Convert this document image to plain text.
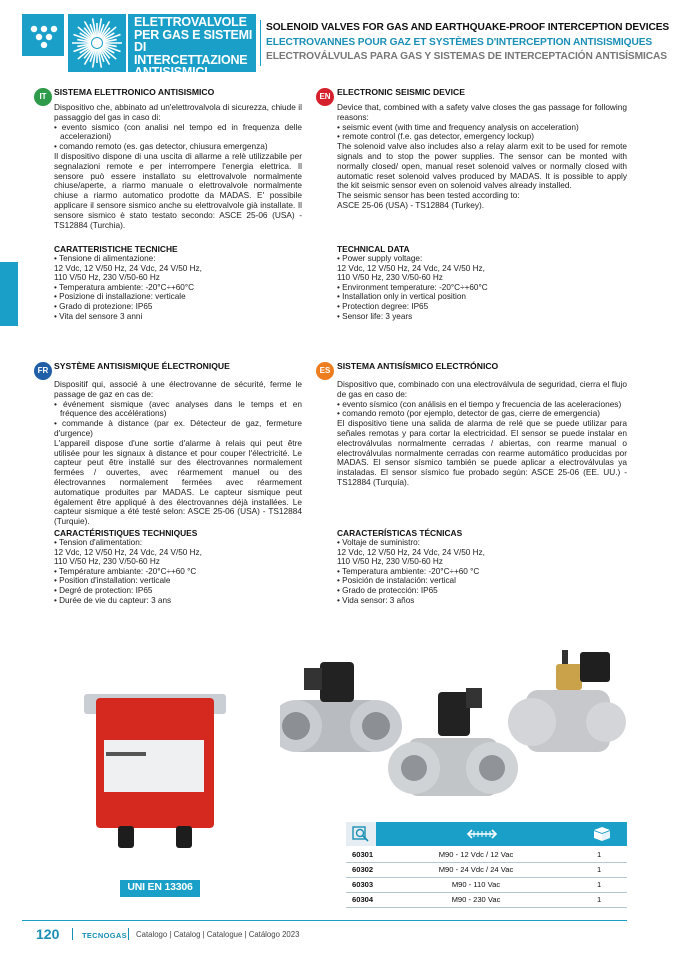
ELETTROVALVOLE PER GAS E SISTEMI DI INTERCETTAZIONE ANTISISMICI
SOLENOID VALVES FOR GAS AND EARTHQUAKE-PROOF INTERCEPTION DEVICES
ELECTROVANNES POUR GAZ ET SYSTÈMES D'INTERCEPTION ANTISISMIQUES
ELECTROVÁLVULAS PARA GAS Y SISTEMAS DE INTERCEPTACIÓN ANTISÍSMICAS
IT SISTEMA ELETTRONICO ANTISISMICO

Dispositivo che, abbinato ad un'elettrovalvola di sicurezza, chiude il passaggio del gas in caso di:

• evento sismico (con analisi nel tempo ed in frequenza delle accelerazioni)

• comando remoto (es. gas detector, chiusura emergenza)

Il dispositivo dispone di una uscita di allarme a relè utilizzabile per segnalazioni remote e per interrompere l'energia elettrica. Il sensore può essere installato su elettrovalvole normalmente chiuse/aperte, a riarmo manuale o elettrovalvole normalmente chiuse a riarmo automatico prodotte da MADAS. E' possibile applicare il sensore sismico anche su elettrovalvole già installate. Il sensore sismico è stato testato secondo: ASCE 25-06 (USA) - TS12884 (Turchia).

CARATTERISTICHE TECNICHE

• Tensione di alimentazione:

12 Vdc, 12 V/50 Hz, 24 Vdc, 24 V/50 Hz,

110 V/50 Hz, 230 V/50-60 Hz

• Temperatura ambiente: -20°C÷+60°C

• Posizione di installazione: verticale

• Grado di protezione: IP65

• Vita del sensore 3 anni

EN ELECTRONIC SEISMIC DEVICE

Device that, combined with a safety valve closes the gas passage for following reasons:

• seismic event (with time and frequency analysis on acceleration)

• remote control (f.e. gas detector, emergency lockup)

The solenoid valve also includes also a relay alarm exit to be used for remote signals and to stop the power supplies. The sensor can be monted with normally closed/ open, manual reset solenoid valves or normally closed with automatic reset solenoid valves produced by MADAS. It is possible to apply the kit seismic sensor even on solenoid valves already installed.

The seismic sensor has been tested according to:

ASCE 25-06 (USA) - TS12884 (Turkey).

TECHNICAL DATA

• Power supply voltage:

12 Vdc, 12 V/50 Hz, 24 Vdc, 24 V/50 Hz,

110 V/50 Hz, 230 V/50-60 Hz

• Environment temperature: -20°C÷+60°C

• Installation only in vertical position

• Protection degree: IP65

• Sensor life: 3 years

FR SYSTÈME ANTISISMIQUE ÉLECTRONIQUE

Dispositif qui, associé à une électrovanne de sécurité, ferme le passage de gaz en cas de:

• événement sismique (avec analyses dans le temps et en fréquence des accélérations)

• commande à distance (par ex. Détecteur de gaz, fermeture d'urgence)

L'appareil dispose d'une sortie d'alarme à relais qui peut être utilisée pour les signaux à distance et pour couper l'électricité. Le capteur peut être installé sur des électrovannes normalement fermées / ouvertes, avec réarmement manuel ou des électrovannes normalement fermées avec réarmement automatique produites par MADAS. Le capteur sismique peut également être appliqué à des électrovannes déjà installées. Le capteur sismique a été testé selon: ASCE 25-06 (USA) - TS12884 (Turquie).

CARACTÉRISTIQUES TECHNIQUES

• Tension d'alimentation:

12 Vdc, 12 V/50 Hz, 24 Vdc, 24 V/50 Hz,

110 V/50 Hz, 230 V/50-60 Hz

• Température ambiante: -20°C÷+60 °C

• Position d'installation: verticale

• Degré de protection: IP65

• Durée de vie du capteur: 3 ans

ES SISTEMA ANTISÍSMICO ELECTRÓNICO

Dispositivo que, combinado con una electroválvula de seguridad, cierra el flujo de gas en caso de:

• evento sísmico (con análisis en el tiempo y frecuencia de las aceleraciones)

• comando remoto (por ejemplo, detector de gas, cierre de emergencia)

El dispositivo tiene una salida de alarma de relé que se puede utilizar para señales remotas y para cortar la electricidad. El sensor se puede instalar en electroválvulas normalmente cerradas / abiertas, con rearme manual o electroválvulas normalmente cerradas con rearme automático producidas por MADAS. El sensor sísmico también se puede aplicar a electroválvulas ya instaladas. El sensor sísmico fue probado según: ASCE 25-06 (EE. UU.) - TS12884 (Turquía).

CARACTERÍSTICAS TÉCNICAS

• Voltaje de suministro:

12 Vdc, 12 V/50 Hz, 24 Vdc, 24 V/50 Hz,

110 V/50 Hz, 230 V/50-60 Hz

• Temperatura ambiente: -20°C÷+60 °C

• Posición de instalación: vertical

• Grado de protección: IP65

• Vida sensor: 3 años

UNI EN 13306
60301	M90 - 12 Vdc / 12 Vac	1
60302	M90 - 24 Vdc / 24 Vac	1
60303	M90 - 110 Vac	1
60304	M90 - 230 Vac	1
120	TECNOGAS Catalogo | Catalog | Catalogue | Catálogo 2023
